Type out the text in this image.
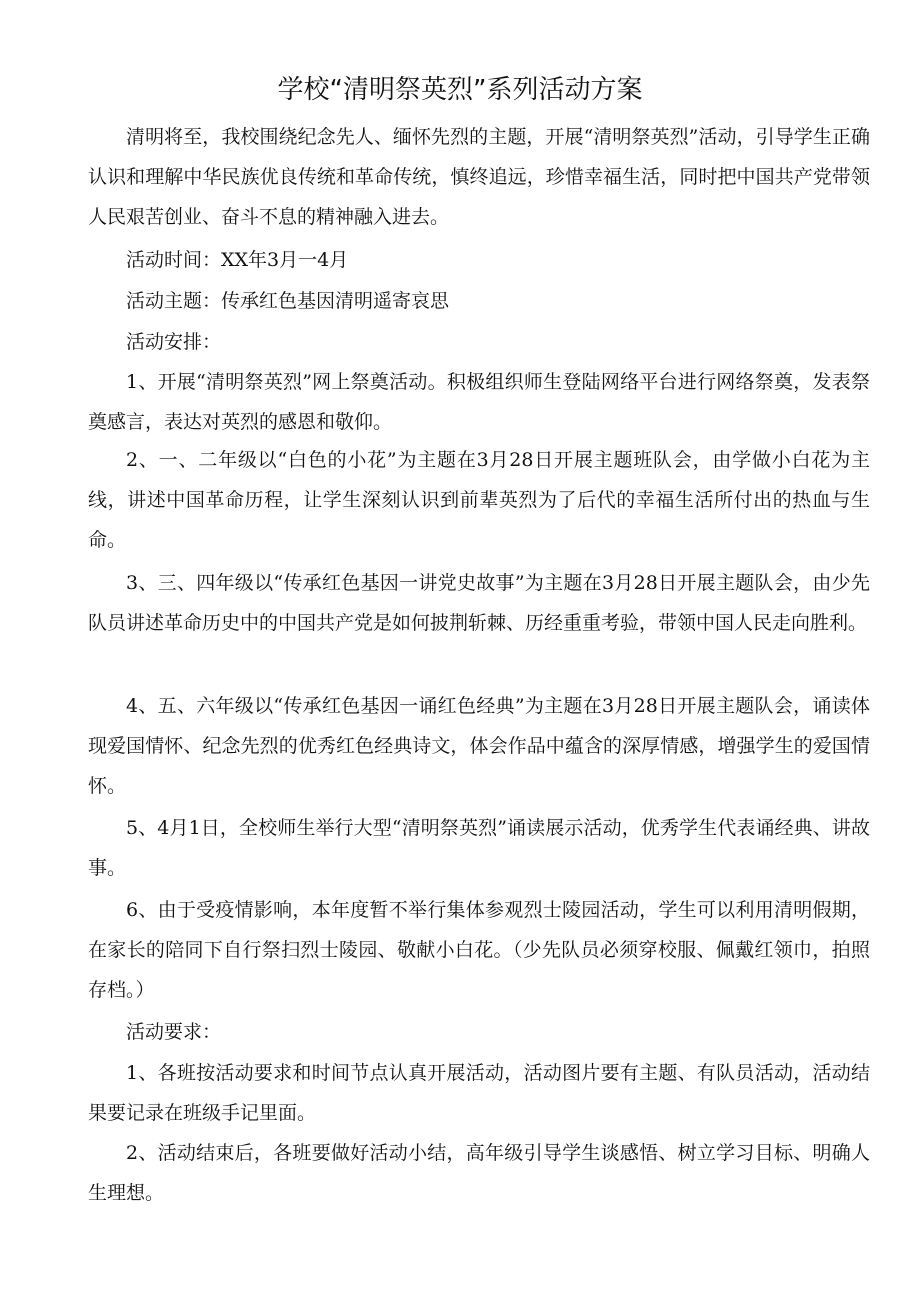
学校“清明祭英烈”系列活动方案

清明将至，我校围绕纪念先人、缅怀先烈的主题，开展“清明祭英烈”活动，引导学生正确认识和理解中华民族优良传统和革命传统，慎终追远，珍惜幸福生活，同时把中国共产党带领人民艰苦创业、奋斗不息的精神融入进去。

活动时间：XX年3月一4月

活动主题：传承红色基因清明遥寄哀思

活动安排：

1、开展“清明祭英烈”网上祭奠活动。积极组织师生登陆网络平台进行网络祭奠，发表祭奠感言，表达对英烈的感恩和敬仰。

2、一、二年级以“白色的小花”为主题在3月28日开展主题班队会，由学做小白花为主线，讲述中国革命历程，让学生深刻认识到前辈英烈为了后代的幸福生活所付出的热血与生命。

3、三、四年级以“传承红色基因一讲党史故事”为主题在3月28日开展主题队会，由少先队员讲述革命历史中的中国共产党是如何披荆斩棘、历经重重考验，带领中国人民走向胜利。

4、五、六年级以“传承红色基因一诵红色经典”为主题在3月28日开展主题队会，诵读体现爱国情怀、纪念先烈的优秀红色经典诗文，体会作品中蕴含的深厚情感，增强学生的爱国情怀。

5、4月1日，全校师生举行大型“清明祭英烈”诵读展示活动，优秀学生代表诵经典、讲故事。

6、由于受疫情影响，本年度暂不举行集体参观烈士陵园活动，学生可以利用清明假期，在家长的陪同下自行祭扫烈士陵园、敬献小白花。（少先队员必须穿校服、佩戴红领巾，拍照存档。）

活动要求：

1、各班按活动要求和时间节点认真开展活动，活动图片要有主题、有队员活动，活动结果要记录在班级手记里面。

2、活动结束后，各班要做好活动小结，高年级引导学生谈感悟、树立学习目标、明确人生理想。
